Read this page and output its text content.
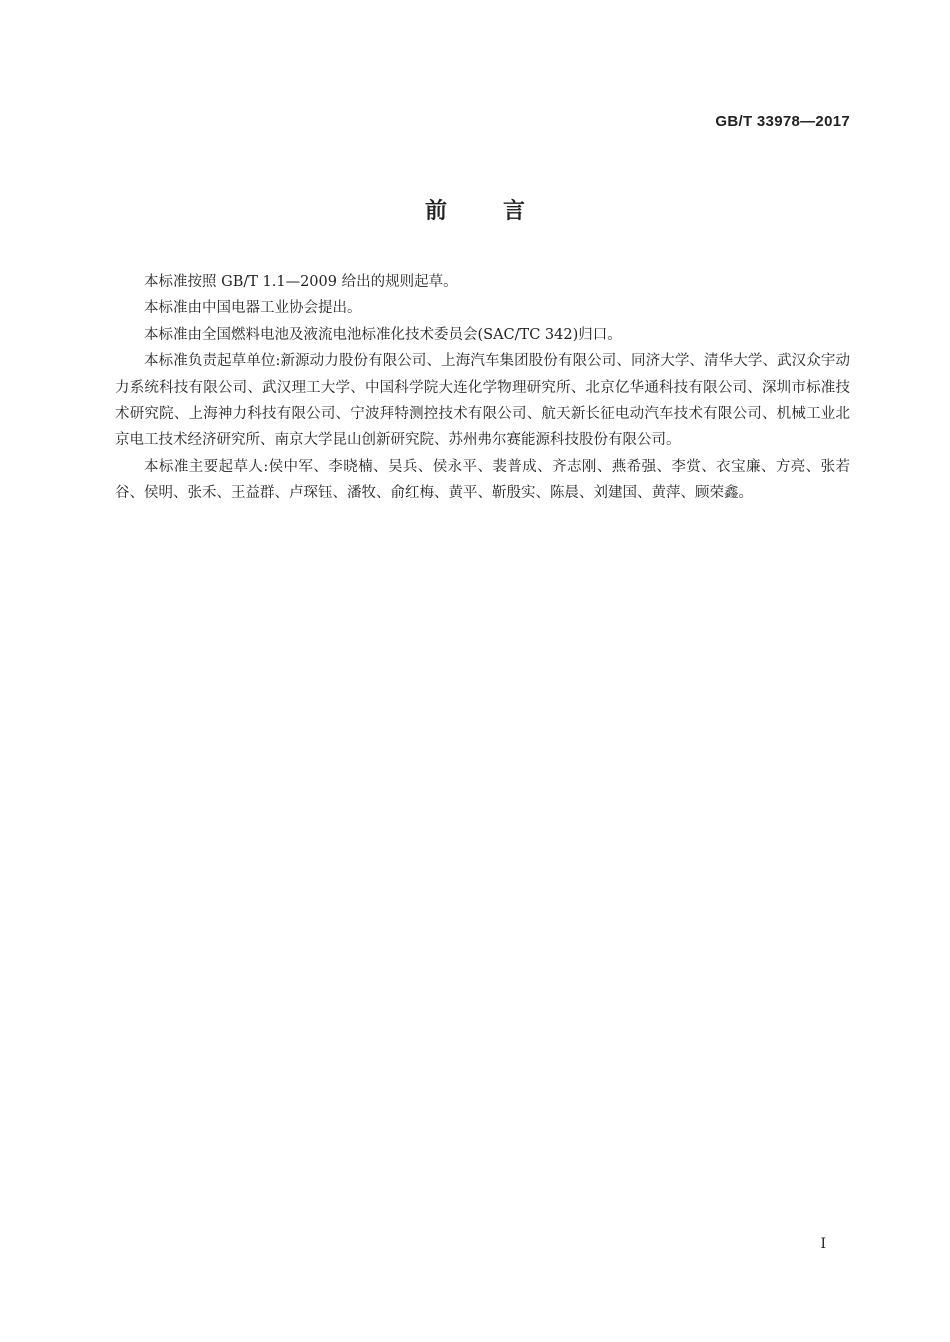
GB/T 33978—2017
前言

本标准按照 GB/T 1.1—2009 给出的规则起草。

本标准由中国电器工业协会提出。

本标准由全国燃料电池及液流电池标准化技术委员会(SAC/TC 342)归口。

本标准负责起草单位:新源动力股份有限公司、上海汽车集团股份有限公司、同济大学、清华大学、武汉众宇动力系统科技有限公司、武汉理工大学、中国科学院大连化学物理研究所、北京亿华通科技有限公司、深圳市标准技术研究院、上海神力科技有限公司、宁波拜特测控技术有限公司、航天新长征电动汽车技术有限公司、机械工业北京电工技术经济研究所、南京大学昆山创新研究院、苏州弗尔赛能源科技股份有限公司。

本标准主要起草人:侯中军、李晓楠、吴兵、侯永平、裴普成、齐志刚、燕希强、李赏、衣宝廉、方亮、张若谷、侯明、张禾、王益群、卢琛钰、潘牧、俞红梅、黄平、靳殷实、陈晨、刘建国、黄萍、顾荣鑫。

I
